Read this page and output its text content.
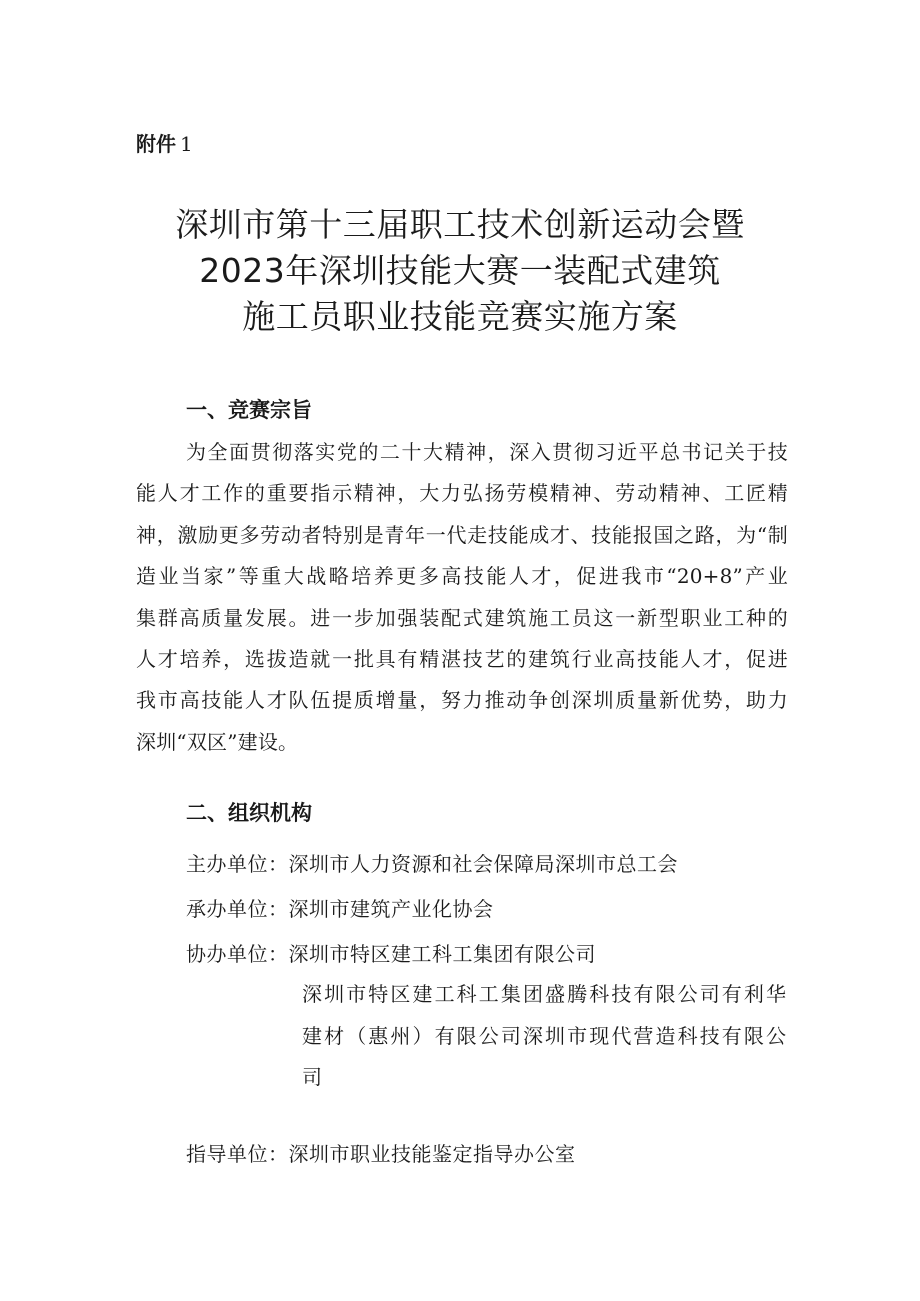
附件 1
深圳市第十三届职工技术创新运动会暨
2023年深圳技能大赛一装配式建筑
施工员职业技能竞赛实施方案
一、竞赛宗旨
为全面贯彻落实党的二十大精神，深入贯彻习近平总书记关于技
能人才工作的重要指示精神，大力弘扬劳模精神、劳动精神、工匠精
神，激励更多劳动者特别是青年一代走技能成才、技能报国之路，为“制
造业当家”等重大战略培养更多高技能人才，促进我市“20+8”产业
集群高质量发展。进一步加强装配式建筑施工员这一新型职业工种的
人才培养，选拔造就一批具有精湛技艺的建筑行业高技能人才，促进
我市高技能人才队伍提质增量，努力推动争创深圳质量新优势，助力
深圳“双区”建设。
二、组织机构
主办单位：深圳市人力资源和社会保障局深圳市总工会
承办单位：深圳市建筑产业化协会
协办单位：深圳市特区建工科工集团有限公司
深圳市特区建工科工集团盛腾科技有限公司有利华
建材（惠州）有限公司深圳市现代营造科技有限公
司
指导单位：深圳市职业技能鉴定指导办公室
